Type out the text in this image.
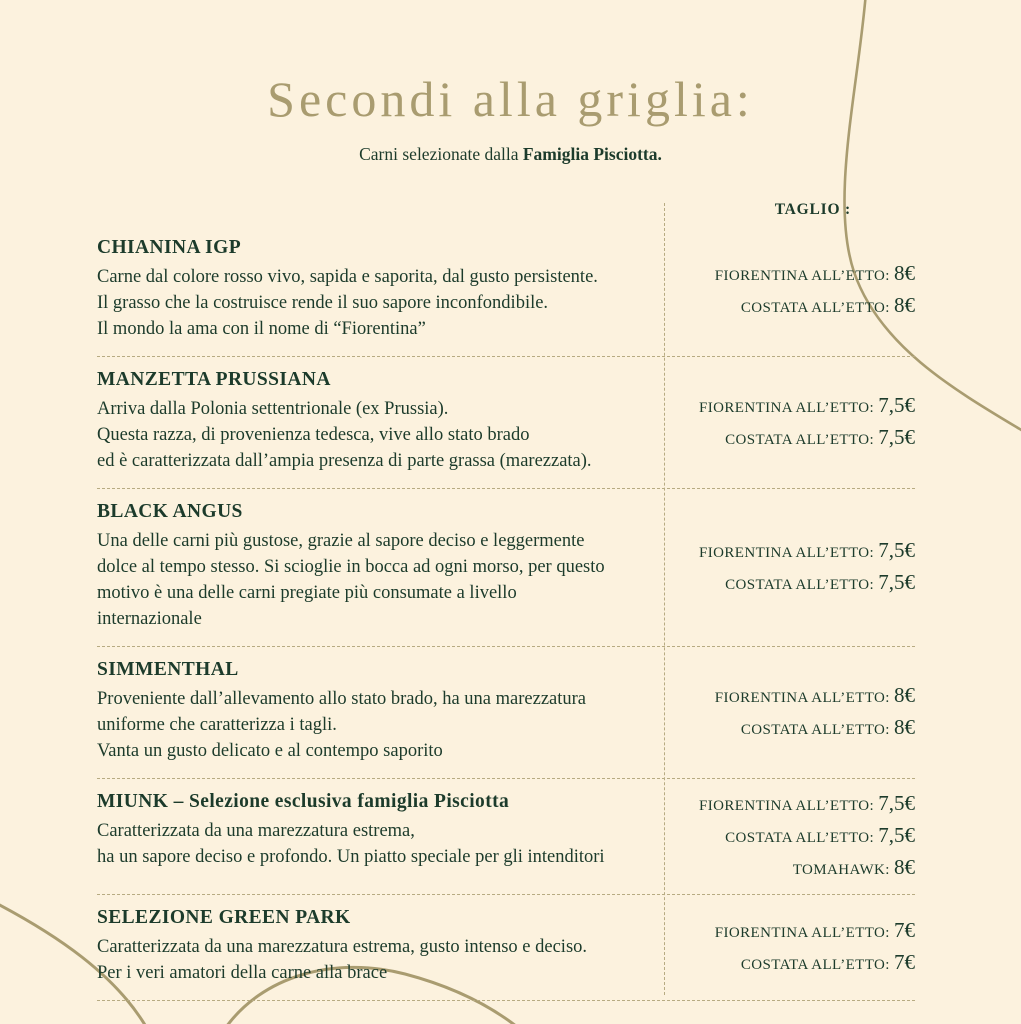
Secondi alla griglia:

Carni selezionate dalla Famiglia Pisciotta.

TAGLIO :
CHIANINA IGP

Carne dal colore rosso vivo, sapida e saporita, dal gusto persistente.

Il grasso che la costruisce rende il suo sapore inconfondibile.

Il mondo la ama con il nome di “Fiorentina”

FIORENTINA ALL’ETTO: 8€
COSTATA ALL’ETTO: 8€
MANZETTA PRUSSIANA

Arriva dalla Polonia settentrionale (ex Prussia).

Questa razza, di provenienza tedesca, vive allo stato brado

ed è caratterizzata dall’ampia presenza di parte grassa (marezzata).

FIORENTINA ALL’ETTO: 7,5€
COSTATA ALL’ETTO: 7,5€
BLACK ANGUS

Una delle carni più gustose, grazie al sapore deciso e leggermente

dolce al tempo stesso. Si scioglie in bocca ad ogni morso, per questo

motivo è una delle carni pregiate più consumate a livello internazionale

FIORENTINA ALL’ETTO: 7,5€
COSTATA ALL’ETTO: 7,5€
SIMMENTHAL

Proveniente dall’allevamento allo stato brado, ha una marezzatura

uniforme che caratterizza i tagli.

Vanta un gusto delicato e al contempo saporito

FIORENTINA ALL’ETTO: 8€
COSTATA ALL’ETTO: 8€
MIUNK – Selezione esclusiva famiglia Pisciotta

Caratterizzata da una marezzatura estrema,

ha un sapore deciso e profondo. Un piatto speciale per gli intenditori

FIORENTINA ALL’ETTO: 7,5€
COSTATA ALL’ETTO: 7,5€
TOMAHAWK: 8€
SELEZIONE GREEN PARK

Caratterizzata da una marezzatura estrema, gusto intenso e deciso.

Per i veri amatori della carne alla brace

FIORENTINA ALL’ETTO: 7€
COSTATA ALL’ETTO: 7€
